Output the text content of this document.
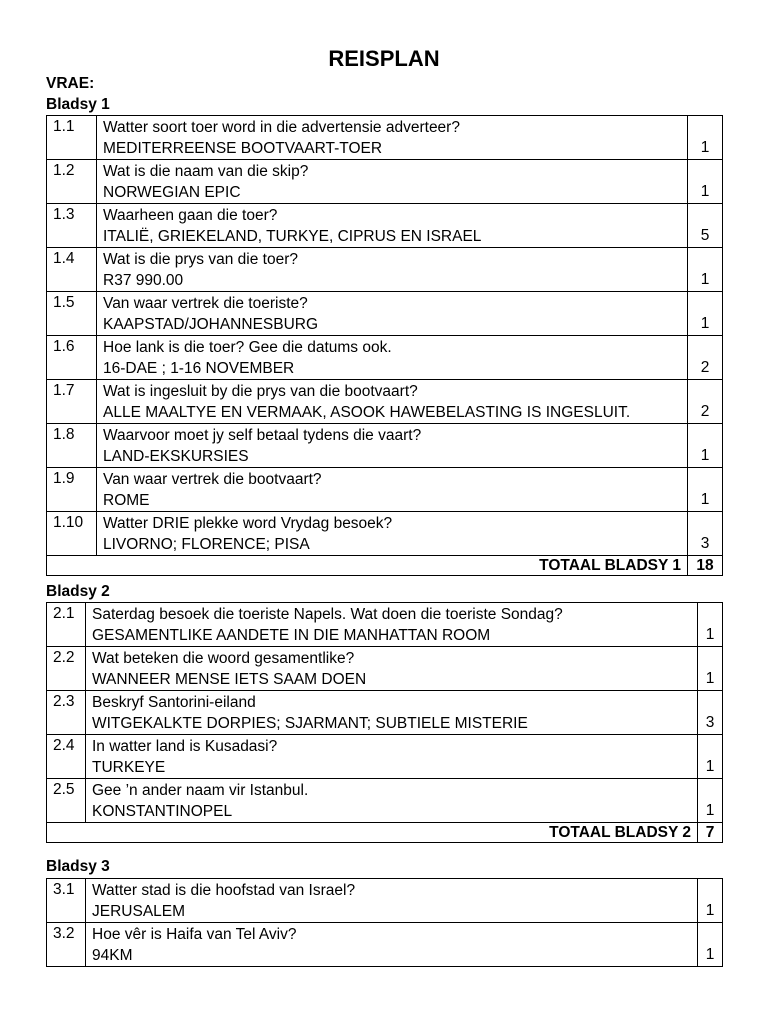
REISPLAN
VRAE:
Bladsy 1
1.1	Watter soort toer word in die advertensie adverteer?
MEDITERREENSE BOOTVAART-TOER	1
1.2	Wat is die naam van die skip?
NORWEGIAN EPIC	1
1.3	Waarheen gaan die toer?
ITALIË, GRIEKELAND, TURKYE, CIPRUS EN ISRAEL	5
1.4	Wat is die prys van die toer?
R37 990.00	1
1.5	Van waar vertrek die toeriste?
KAAPSTAD/JOHANNESBURG	1
1.6	Hoe lank is die toer? Gee die datums ook.
16-DAE ; 1-16 NOVEMBER	2
1.7	Wat is ingesluit by die prys van die bootvaart?
ALLE MAALTYE EN VERMAAK, ASOOK HAWEBELASTING IS INGESLUIT.	2
1.8	Waarvoor moet jy self betaal tydens die vaart?
LAND-EKSKURSIES	1
1.9	Van waar vertrek die bootvaart?
ROME	1
1.10	Watter DRIE plekke word Vrydag besoek?
LIVORNO; FLORENCE; PISA	3
TOTAAL BLADSY 1		18
Bladsy 2
2.1	Saterdag besoek die toeriste Napels. Wat doen die toeriste Sondag?
GESAMENTLIKE AANDETE IN DIE MANHATTAN ROOM	1
2.2	Wat beteken die woord gesamentlike?
WANNEER MENSE IETS SAAM DOEN	1
2.3	Beskryf Santorini-eiland
WITGEKALKTE DORPIES; SJARMANT; SUBTIELE MISTERIE	3
2.4	In watter land is Kusadasi?
TURKEYE	1
2.5	Gee ’n ander naam vir Istanbul.
KONSTANTINOPEL	1
TOTAAL BLADSY 2		7
Bladsy 3
3.1	Watter stad is die hoofstad van Israel?
JERUSALEM	1
3.2	Hoe vêr is Haifa van Tel Aviv?
94KM	1
